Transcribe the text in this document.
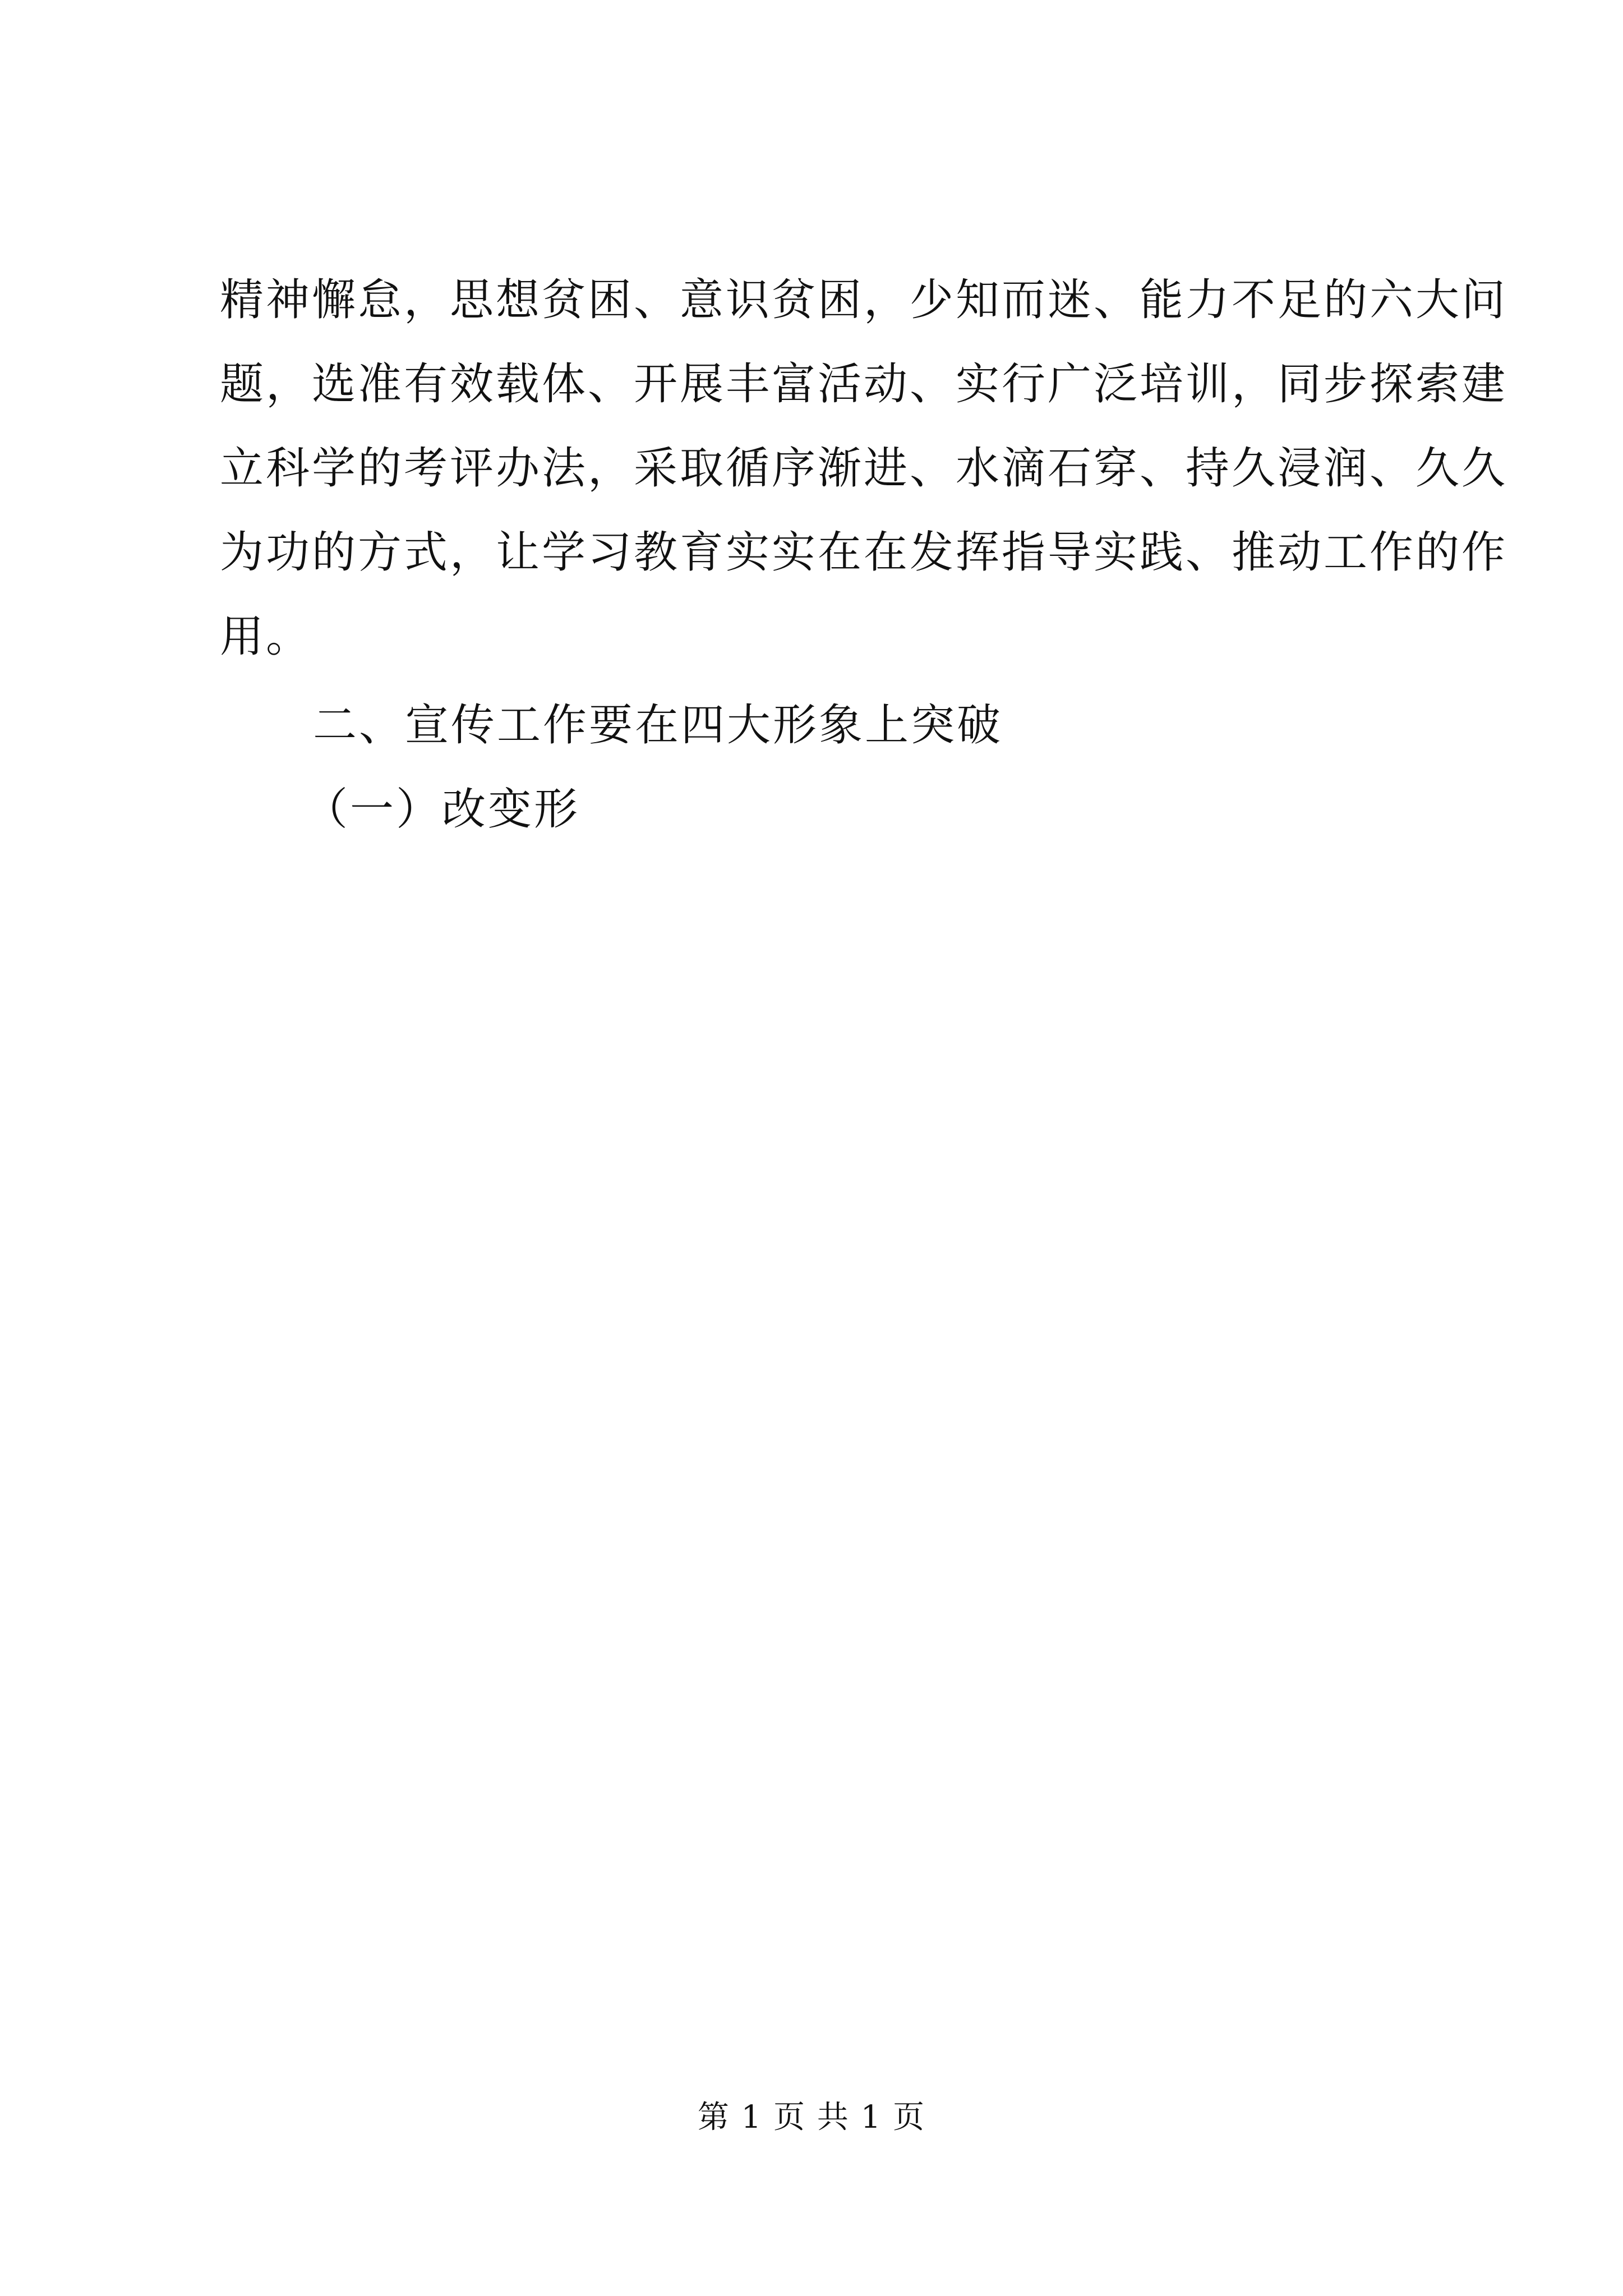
精神懈怠，思想贫困、意识贫困，少知而迷、能力不足的六大问
题，选准有效载体、开展丰富活动、实行广泛培训，同步探索建
立科学的考评办法，采取循序渐进、水滴石穿、持久浸润、久久
为功的方式，让学习教育实实在在发挥指导实践、推动工作的作
用。
二、宣传工作要在四大形象上突破
（一）改变形
第 1 页 共 1 页
